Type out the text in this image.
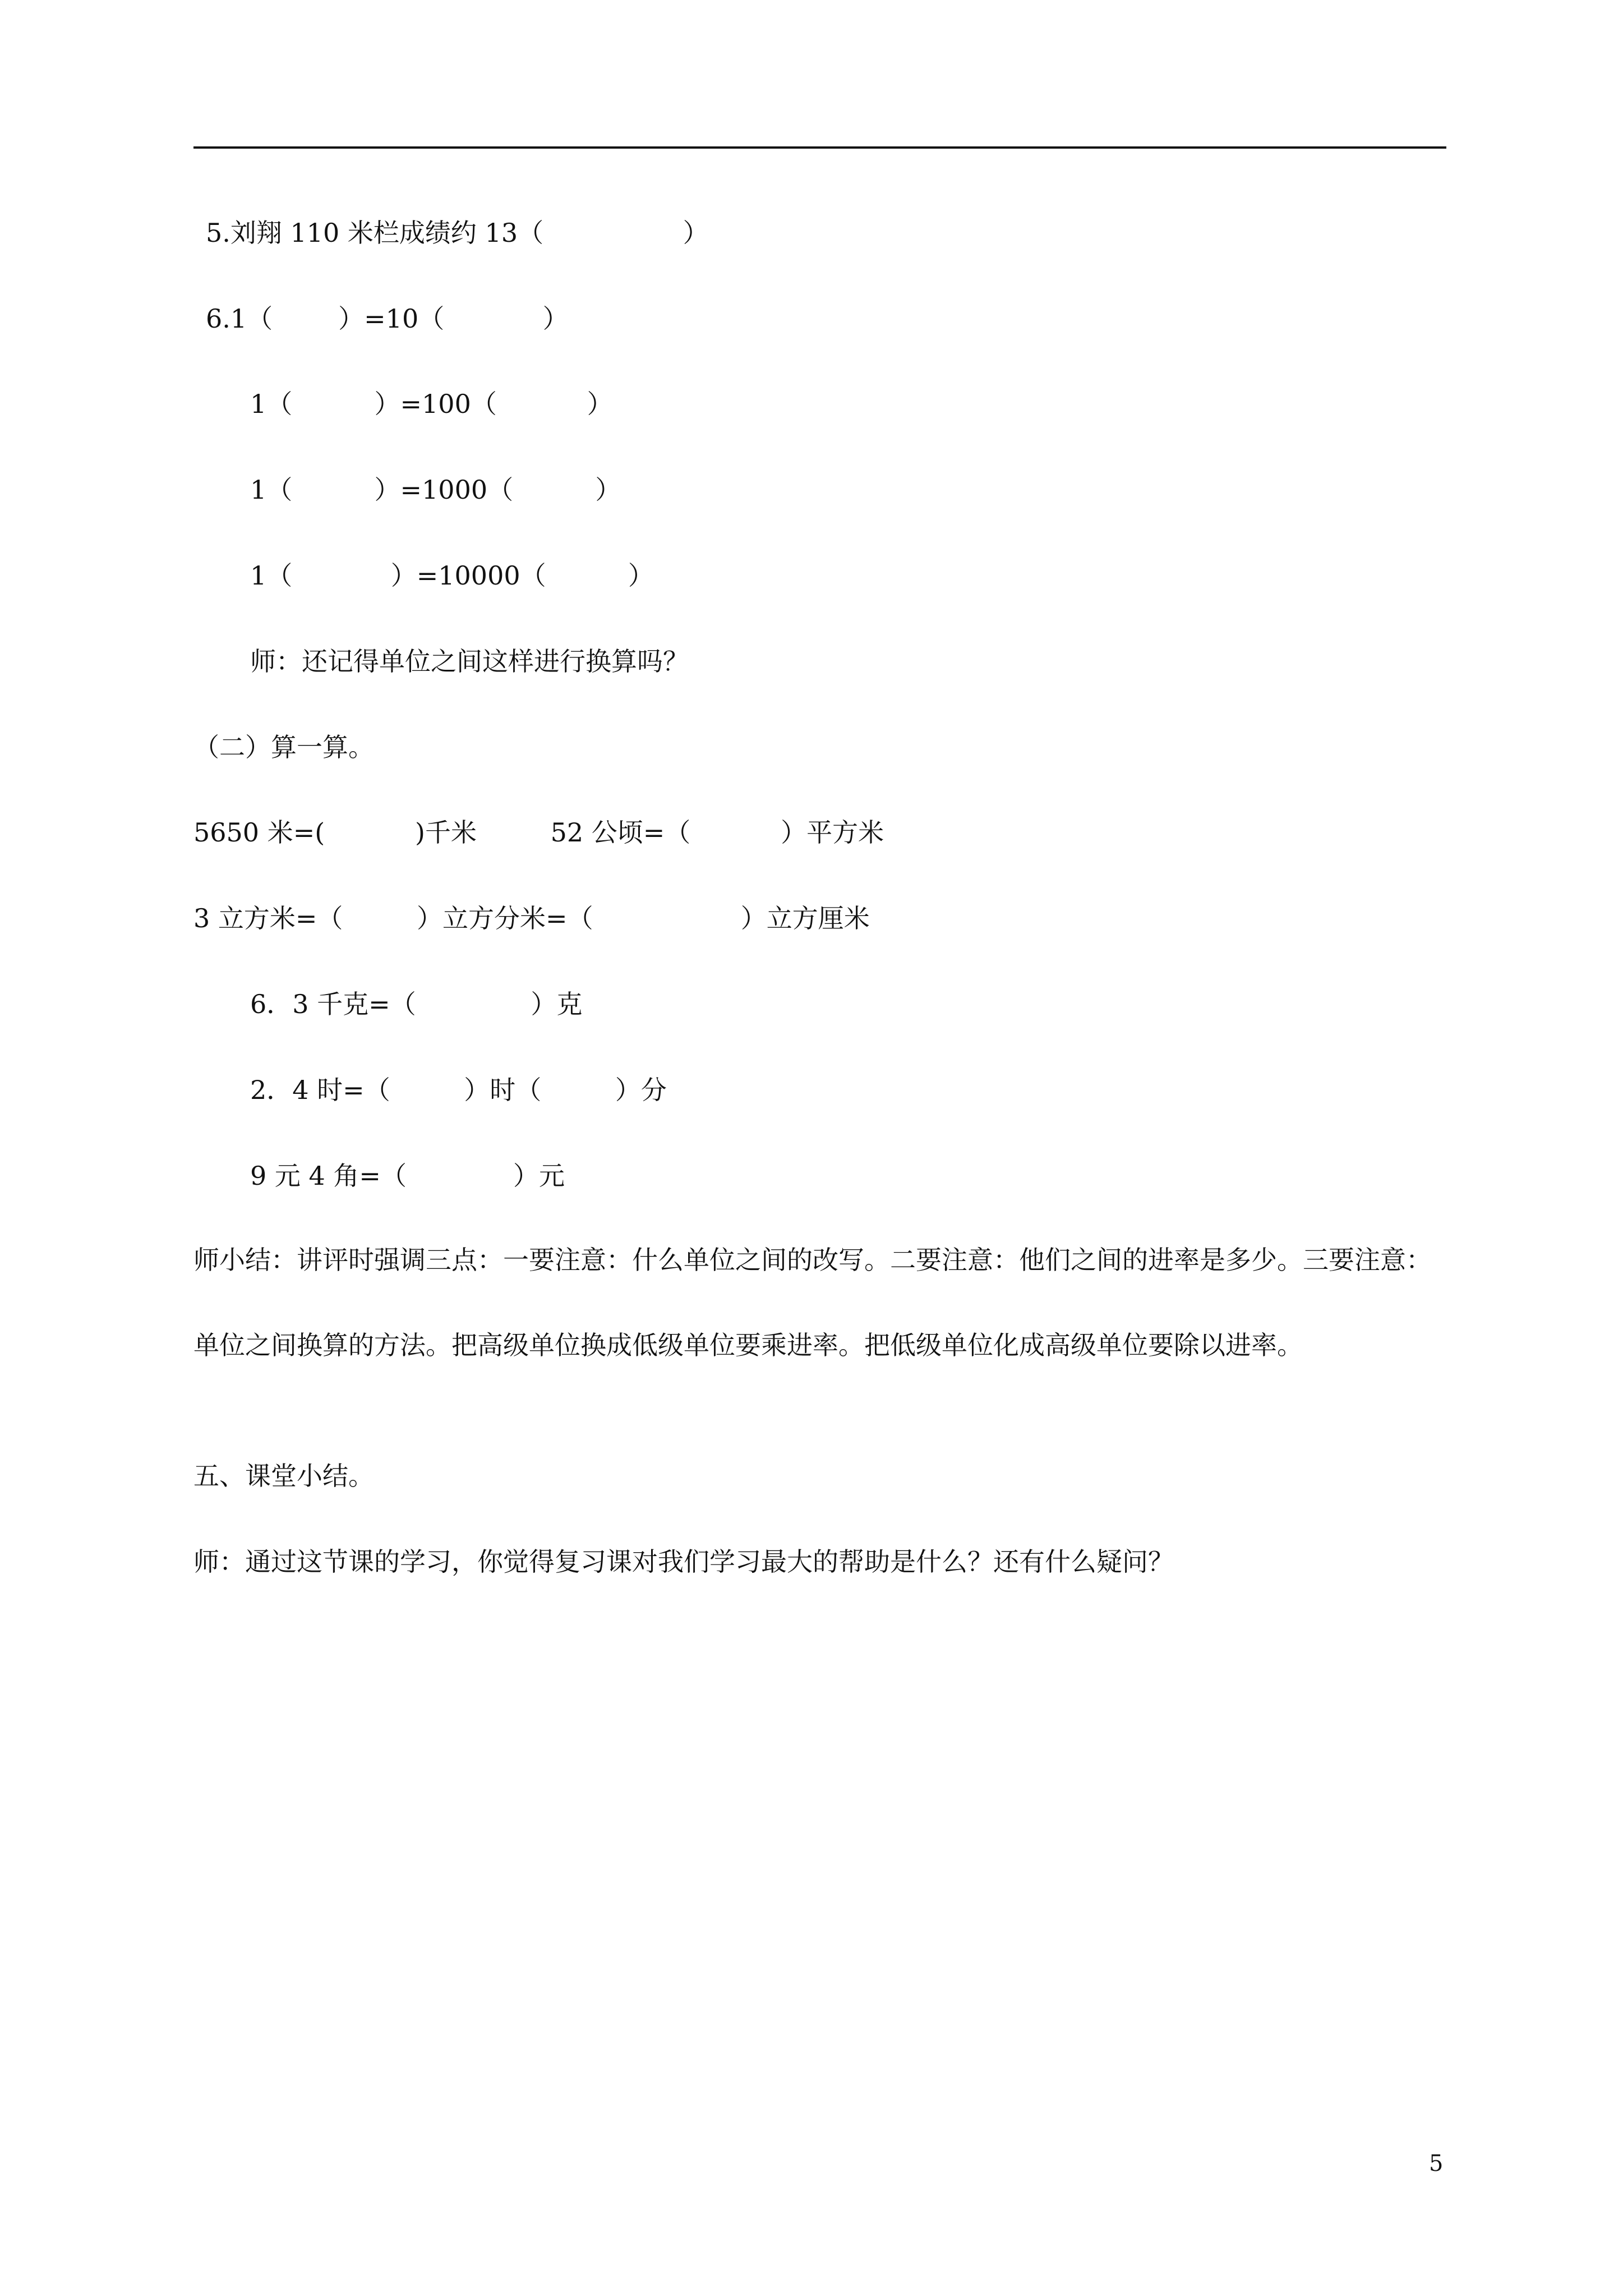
5.刘翔 110 米栏成绩约 13（                 ）
6.1（        ）=10（            ）
1（          ）=100（           ）
1（          ）=1000（          ）
1（            ）=10000（          ）
师：还记得单位之间这样进行换算吗？
（二）算一算。
5650 米=(           )千米         52 公顷=（           ）平方米
3 立方米=（         ）立方分米=（                  ）立方厘米
6．3 千克=（              ）克
2．4 时=（         ）时（         ）分
9 元 4 角=（             ）元
师小结：讲评时强调三点：一要注意：什么单位之间的改写。二要注意：他们之间的进率是多少。三要注意：单位之间换算的方法。把高级单位换成低级单位要乘进率。把低级单位化成高级单位要除以进率。
五、课堂小结。
师：通过这节课的学习，你觉得复习课对我们学习最大的帮助是什么？还有什么疑问？
5
